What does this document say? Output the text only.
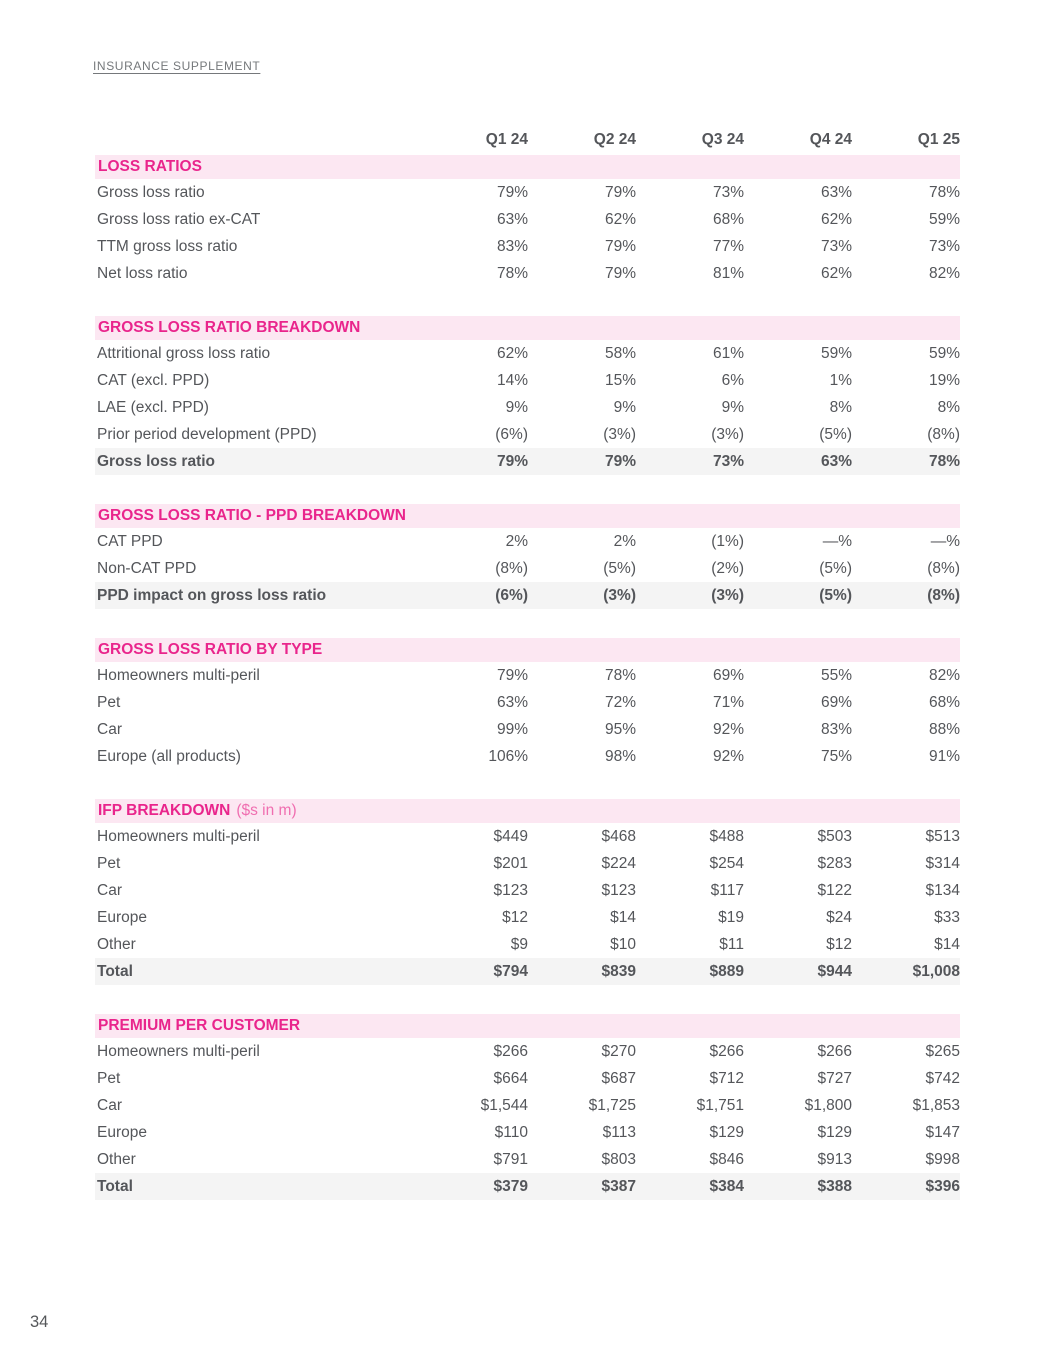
INSURANCE SUPPLEMENT
Q1 24	Q2 24	Q3 24	Q4 24	Q1 25
LOSS RATIOS
Gross loss ratio	79%	79%	73%	63%	78%
Gross loss ratio ex-CAT	63%	62%	68%	62%	59%
TTM gross loss ratio	83%	79%	77%	73%	73%
Net loss ratio	78%	79%	81%	62%	82%
GROSS LOSS RATIO BREAKDOWN
Attritional gross loss ratio	62%	58%	61%	59%	59%
CAT (excl. PPD)	14%	15%	6%	1%	19%
LAE (excl. PPD)	9%	9%	9%	8%	8%
Prior period development (PPD)	(6%)	(3%)	(3%)	(5%)	(8%)
Gross loss ratio	79%	79%	73%	63%	78%
GROSS LOSS RATIO - PPD BREAKDOWN
CAT PPD	2%	2%	(1%)	—%	—%
Non-CAT PPD	(8%)	(5%)	(2%)	(5%)	(8%)
PPD impact on gross loss ratio	(6%)	(3%)	(3%)	(5%)	(8%)
GROSS LOSS RATIO BY TYPE
Homeowners multi-peril	79%	78%	69%	55%	82%
Pet	63%	72%	71%	69%	68%
Car	99%	95%	92%	83%	88%
Europe (all products)	106%	98%	92%	75%	91%
IFP BREAKDOWN ($s in m)
Homeowners multi-peril	$449	$468	$488	$503	$513
Pet	$201	$224	$254	$283	$314
Car	$123	$123	$117	$122	$134
Europe	$12	$14	$19	$24	$33
Other	$9	$10	$11	$12	$14
Total	$794	$839	$889	$944	$1,008
PREMIUM PER CUSTOMER
Homeowners multi-peril	$266	$270	$266	$266	$265
Pet	$664	$687	$712	$727	$742
Car	$1,544	$1,725	$1,751	$1,800	$1,853
Europe	$110	$113	$129	$129	$147
Other	$791	$803	$846	$913	$998
Total	$379	$387	$384	$388	$396
34
